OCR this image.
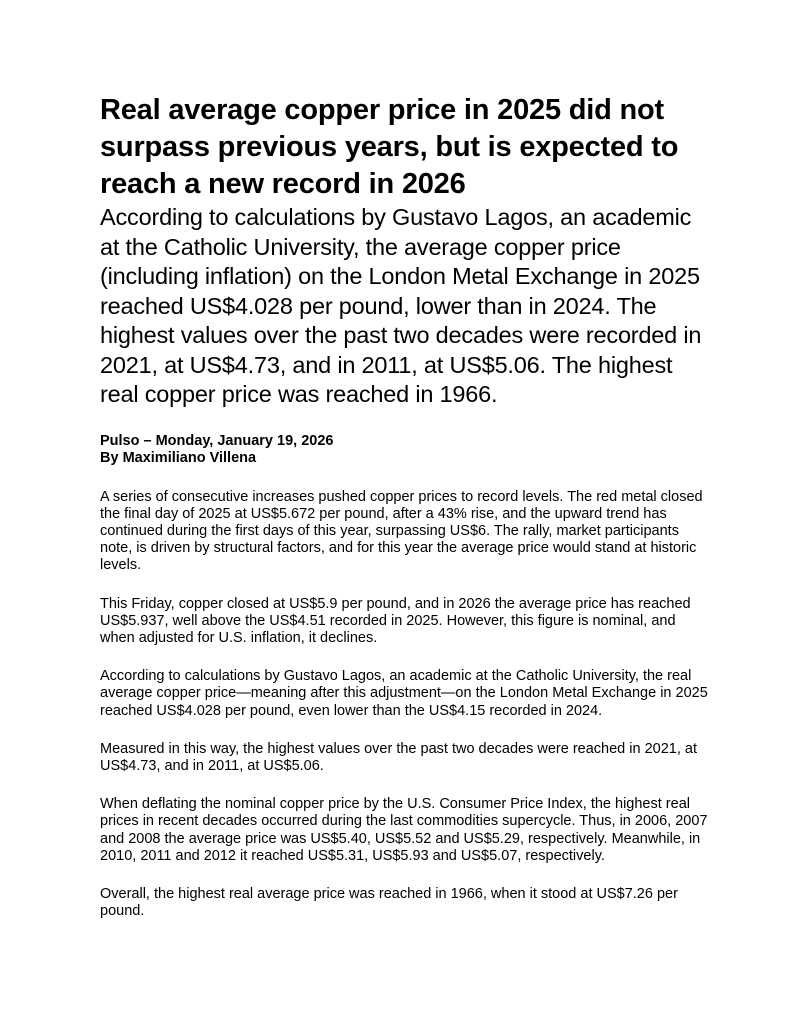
Real average copper price in 2025 did not surpass previous years, but is expected to reach a new record in 2026
According to calculations by Gustavo Lagos, an academic at the Catholic University, the average copper price (including inflation) on the London Metal Exchange in 2025 reached US$4.028 per pound, lower than in 2024. The highest values over the past two decades were recorded in 2021, at US$4.73, and in 2011, at US$5.06. The highest real copper price was reached in 1966.
Pulso – Monday, January 19, 2026
By Maximiliano Villena

A series of consecutive increases pushed copper prices to record levels. The red metal closed the final day of 2025 at US$5.672 per pound, after a 43% rise, and the upward trend has continued during the first days of this year, surpassing US$6. The rally, market participants note, is driven by structural factors, and for this year the average price would stand at historic levels.

This Friday, copper closed at US$5.9 per pound, and in 2026 the average price has reached US$5.937, well above the US$4.51 recorded in 2025. However, this figure is nominal, and when adjusted for U.S. inflation, it declines.

According to calculations by Gustavo Lagos, an academic at the Catholic University, the real average copper price—meaning after this adjustment—on the London Metal Exchange in 2025 reached US$4.028 per pound, even lower than the US$4.15 recorded in 2024.

Measured in this way, the highest values over the past two decades were reached in 2021, at US$4.73, and in 2011, at US$5.06.

When deflating the nominal copper price by the U.S. Consumer Price Index, the highest real prices in recent decades occurred during the last commodities supercycle. Thus, in 2006, 2007 and 2008 the average price was US$5.40, US$5.52 and US$5.29, respectively. Meanwhile, in 2010, 2011 and 2012 it reached US$5.31, US$5.93 and US$5.07, respectively.

Overall, the highest real average price was reached in 1966, when it stood at US$7.26 per pound.
